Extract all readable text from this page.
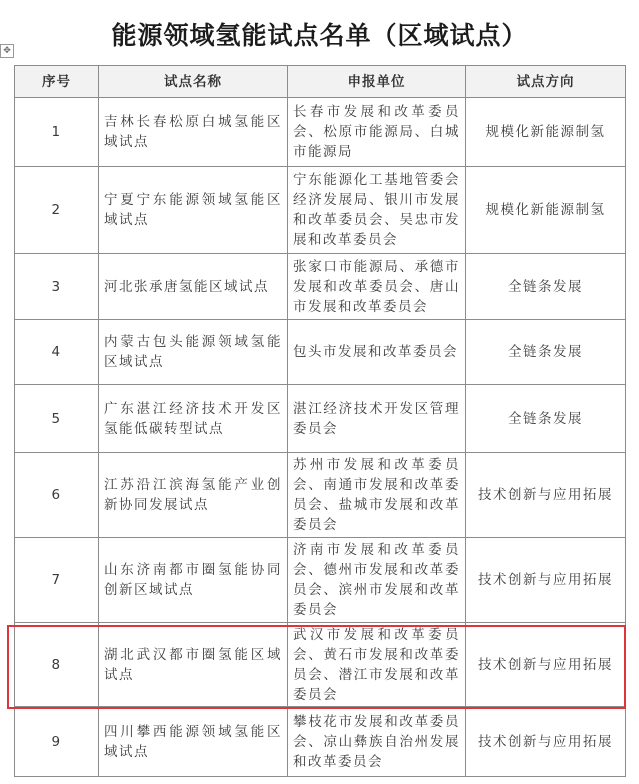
能源领域氢能试点名单（区域试点）
✥
序号	试点名称	申报单位	试点方向
1	吉林长春松原白城氢能区域试点	长春市发展和改革委员会、松原市能源局、白城市能源局	规模化新能源制氢
2	宁夏宁东能源领域氢能区域试点	宁东能源化工基地管委会经济发展局、银川市发展和改革委员会、吴忠市发展和改革委员会	规模化新能源制氢
3	河北张承唐氢能区域试点	张家口市能源局、承德市发展和改革委员会、唐山市发展和改革委员会	全链条发展
4	内蒙古包头能源领域氢能区域试点	包头市发展和改革委员会	全链条发展
5	广东湛江经济技术开发区氢能低碳转型试点	湛江经济技术开发区管理委员会	全链条发展
6	江苏沿江滨海氢能产业创新协同发展试点	苏州市发展和改革委员会、南通市发展和改革委员会、盐城市发展和改革委员会	技术创新与应用拓展
7	山东济南都市圈氢能协同创新区域试点	济南市发展和改革委员会、德州市发展和改革委员会、滨州市发展和改革委员会	技术创新与应用拓展
8	湖北武汉都市圈氢能区域试点	武汉市发展和改革委员会、黄石市发展和改革委员会、潜江市发展和改革委员会	技术创新与应用拓展
9	四川攀西能源领域氢能区域试点	攀枝花市发展和改革委员会、凉山彝族自治州发展和改革委员会	技术创新与应用拓展
